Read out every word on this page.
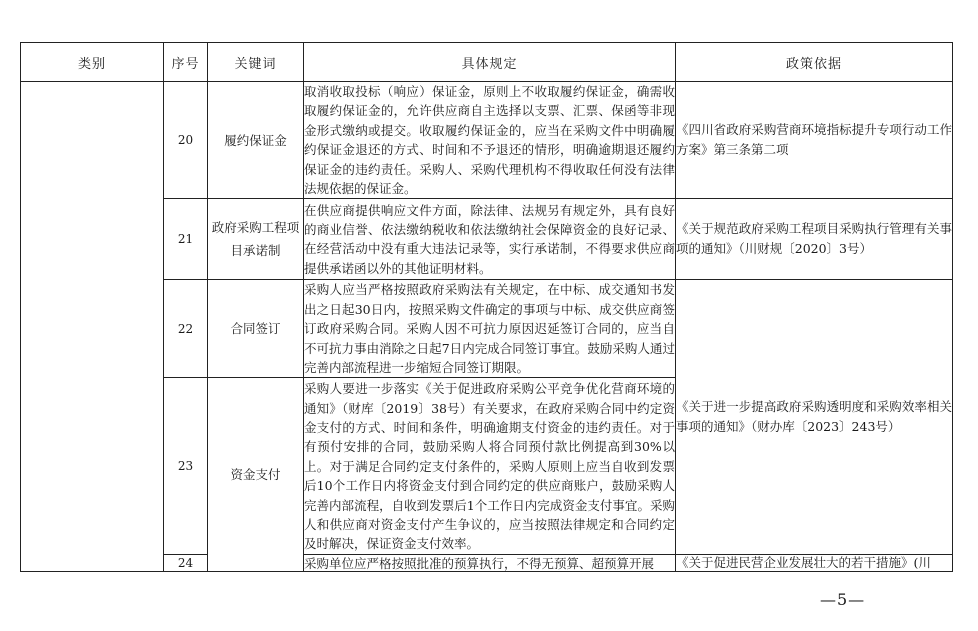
类别	序号	关键词	具体规定	政策依据
	20	履约保证金	取消收取投标（响应）保证金，原则上不收取履约保证金，确需收取履约保证金的，允许供应商自主选择以支票、汇票、保函等非现金形式缴纳或提交。收取履约保证金的，应当在采购文件中明确履约保证金退还的方式、时间和不予退还的情形，明确逾期退还履约保证金的违约责任。采购人、采购代理机构不得收取任何没有法律法规依据的保证金。	《四川省政府采购营商环境指标提升专项行动工作方案》第三条第二项
	21	政府采购工程项目承诺制	在供应商提供响应文件方面，除法律、法规另有规定外，具有良好的商业信誉、依法缴纳税收和依法缴纳社会保障资金的良好记录、在经营活动中没有重大违法记录等，实行承诺制，不得要求供应商提供承诺函以外的其他证明材料。	《关于规范政府采购工程项目采购执行管理有关事项的通知》（川财规〔2020〕3号）
	22	合同签订	采购人应当严格按照政府采购法有关规定，在中标、成交通知书发出之日起30日内，按照采购文件确定的事项与中标、成交供应商签订政府采购合同。采购人因不可抗力原因迟延签订合同的，应当自不可抗力事由消除之日起7日内完成合同签订事宜。鼓励采购人通过完善内部流程进一步缩短合同签订期限。	《关于进一步提高政府采购透明度和采购效率相关事项的通知》（财办库〔2023〕243号）
	23	资金支付	采购人要进一步落实《关于促进政府采购公平竞争优化营商环境的通知》（财库〔2019〕38号）有关要求，在政府采购合同中约定资金支付的方式、时间和条件，明确逾期支付资金的违约责任。对于有预付安排的合同，鼓励采购人将合同预付款比例提高到30%以上。对于满足合同约定支付条件的，采购人原则上应当自收到发票后10个工作日内将资金支付到合同约定的供应商账户，鼓励采购人完善内部流程，自收到发票后1个工作日内完成资金支付事宜。采购人和供应商对资金支付产生争议的，应当按照法律规定和合同约定及时解决，保证资金支付效率。	
	24		采购单位应严格按照批准的预算执行，不得无预算、超预算开展	《关于促进民营企业发展壮大的若干措施》(川
—5—
